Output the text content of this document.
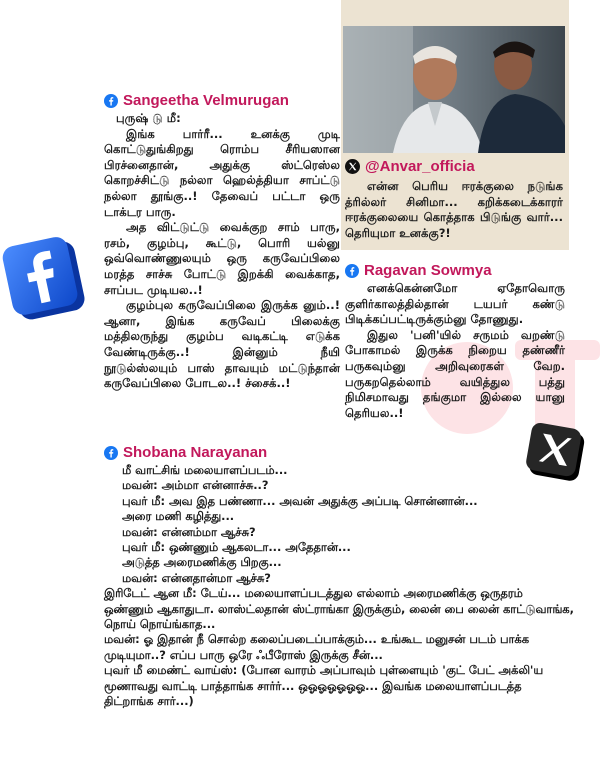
Sangeetha Velmurugan

புருஷ் டு மீ:

இங்க பார்ரீ... உனக்கு முடி கொட்டுதுங்கிறது ரொம்ப சீரியஸான பிரச்னைதான், அதுக்கு ஸ்ட்ரெஸ்ல கொறச்சிட்டு நல்லா ஹெல்த்தியா சாப்ட்டு நல்லா தூங்கு..! தேவைப் பட்டா ஒரு டாக்டர பாரு.

அத விட்டுட்டு வைக்குற சாம் பாரு, ரசம், குழம்பு, கூட்டு, பொரி யல்னு ஒவ்வொண்ணுலயும் ஒரு கருவேப்பிலை மரத்த சாச்சு போட்டு இறக்கி வைக்காத, சாப்பட முடியல..!

குழம்புல கருவேப்பிலை இருக்க னும்..! ஆனா, இங்க கருவேப் பிலைக்கு மத்திலருந்து குழம்ப வடிகட்டி எடுக்க வேண்டிருக்கு..! இன்னும் நீயி நூடுல்ஸ்லயும் பாஸ் தாவயும் மட்டுந்தான் கருவேப்பிலை போடல..! ச்சைக்..!

@Anvar_officia

என்ன பெரிய ஈரக்குலை நடுங்க த்ரில்லர் சினிமா... கறிக்கடைக்காரர் ஈரக்குலையை கொத்தாக பிடுங்கு வார்... தெரியுமா உனக்கு?!

Ragavan Sowmya

எனக்கென்னமோ ஏதோவொரு குளிர்காலத்தில்தான் டயபர் கண்டு பிடிக்கப்பட்டிருக்கும்னு தோணுது.

இதுல 'பனி'யில் சருமம் வறண்டு போகாமல் இருக்க நிறைய தண்ணீர் பருகவும்னு அறிவுரைகள் வேற. பருகறதெல்லாம் வயித்துல பத்து நிமிசமாவது தங்குமா இல்லை யானு தெரியல..!

Shobana Narayanan

மீ வாட்சிங் மலையாளப்படம்...

மவன்: அம்மா என்னாச்சு..?

புவர் மீ: அவ இத பண்ணா... அவன் அதுக்கு அப்படி சொன்னான்...

அரை மணி கழித்து...

மவன்: என்னம்மா ஆச்சு?

புவர் மீ: ஒண்ணும் ஆகலடா... அதேதான்...

அடுத்த அரைமணிக்கு பிறகு...

மவன்: என்னதான்மா ஆச்சு?

இரிடேட் ஆன மீ: டேய்... மலையாளப்படத்துல எல்லாம் அரைமணிக்கு ஒருதரம் ஒண்ணும் ஆகாதுடா. லாஸ்ட்லதான் ஸ்ட்ராங்கா இருக்கும், லைன் பை லைன் காட்டுவாங்க, நொய் நொய்ங்காத...

மவன்: ஓ இதான் நீ சொல்ற கலைப்படைப்பாக்கும்... உங்கூட மனுசன் படம் பாக்க முடியுமா..? எப்ப பாரு ஒரே ஃபீரோஸ் இருக்கு சீன்...

புவர் மீ மைண்ட் வாய்ஸ்: (போன வாரம் அப்பாவும் புள்ளையும் 'குட் பேட் அக்லி'ய மூணாவது வாட்டி பாத்தாங்க சார்ர்... ஒஓஓஓஓஓஓ... இவங்க மலையாளப்படத்த திட்றாங்க சார்...)
